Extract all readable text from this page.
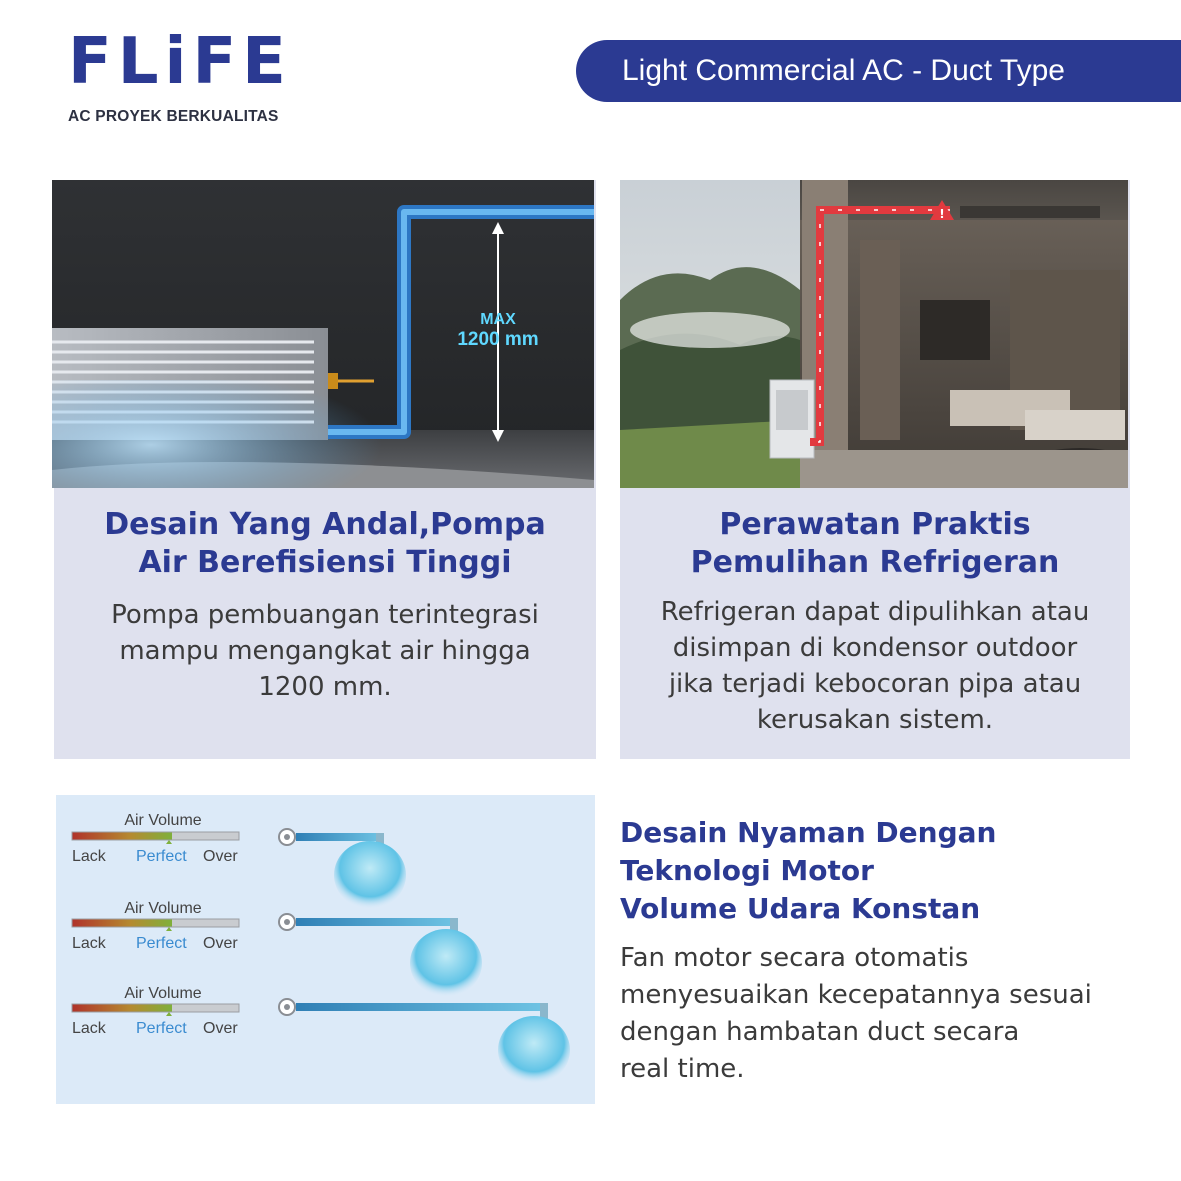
FLiFE
AC PROYEK BERKUALITAS
Light Commercial AC - Duct Type
MAX
1200 mm
Desain Yang Andal,Pompa
Air Berefisiensi Tinggi

Pompa pembuangan terintegrasi
mampu mengangkat air hingga
1200 mm.

!
Perawatan Praktis
Pemulihan Refrigeran

Refrigeran dapat dipulihkan atau
disimpan di kondensor outdoor
jika terjadi kebocoran pipa atau
kerusakan sistem.

Air Volume
Lack Perfect Over
Air Volume
Lack Perfect Over
Air Volume
Lack Perfect Over
Desain Nyaman Dengan
Teknologi Motor
Volume Udara Konstan
Fan motor secara otomatis
menyesuaikan kecepatannya sesuai
dengan hambatan duct secara
real time.
